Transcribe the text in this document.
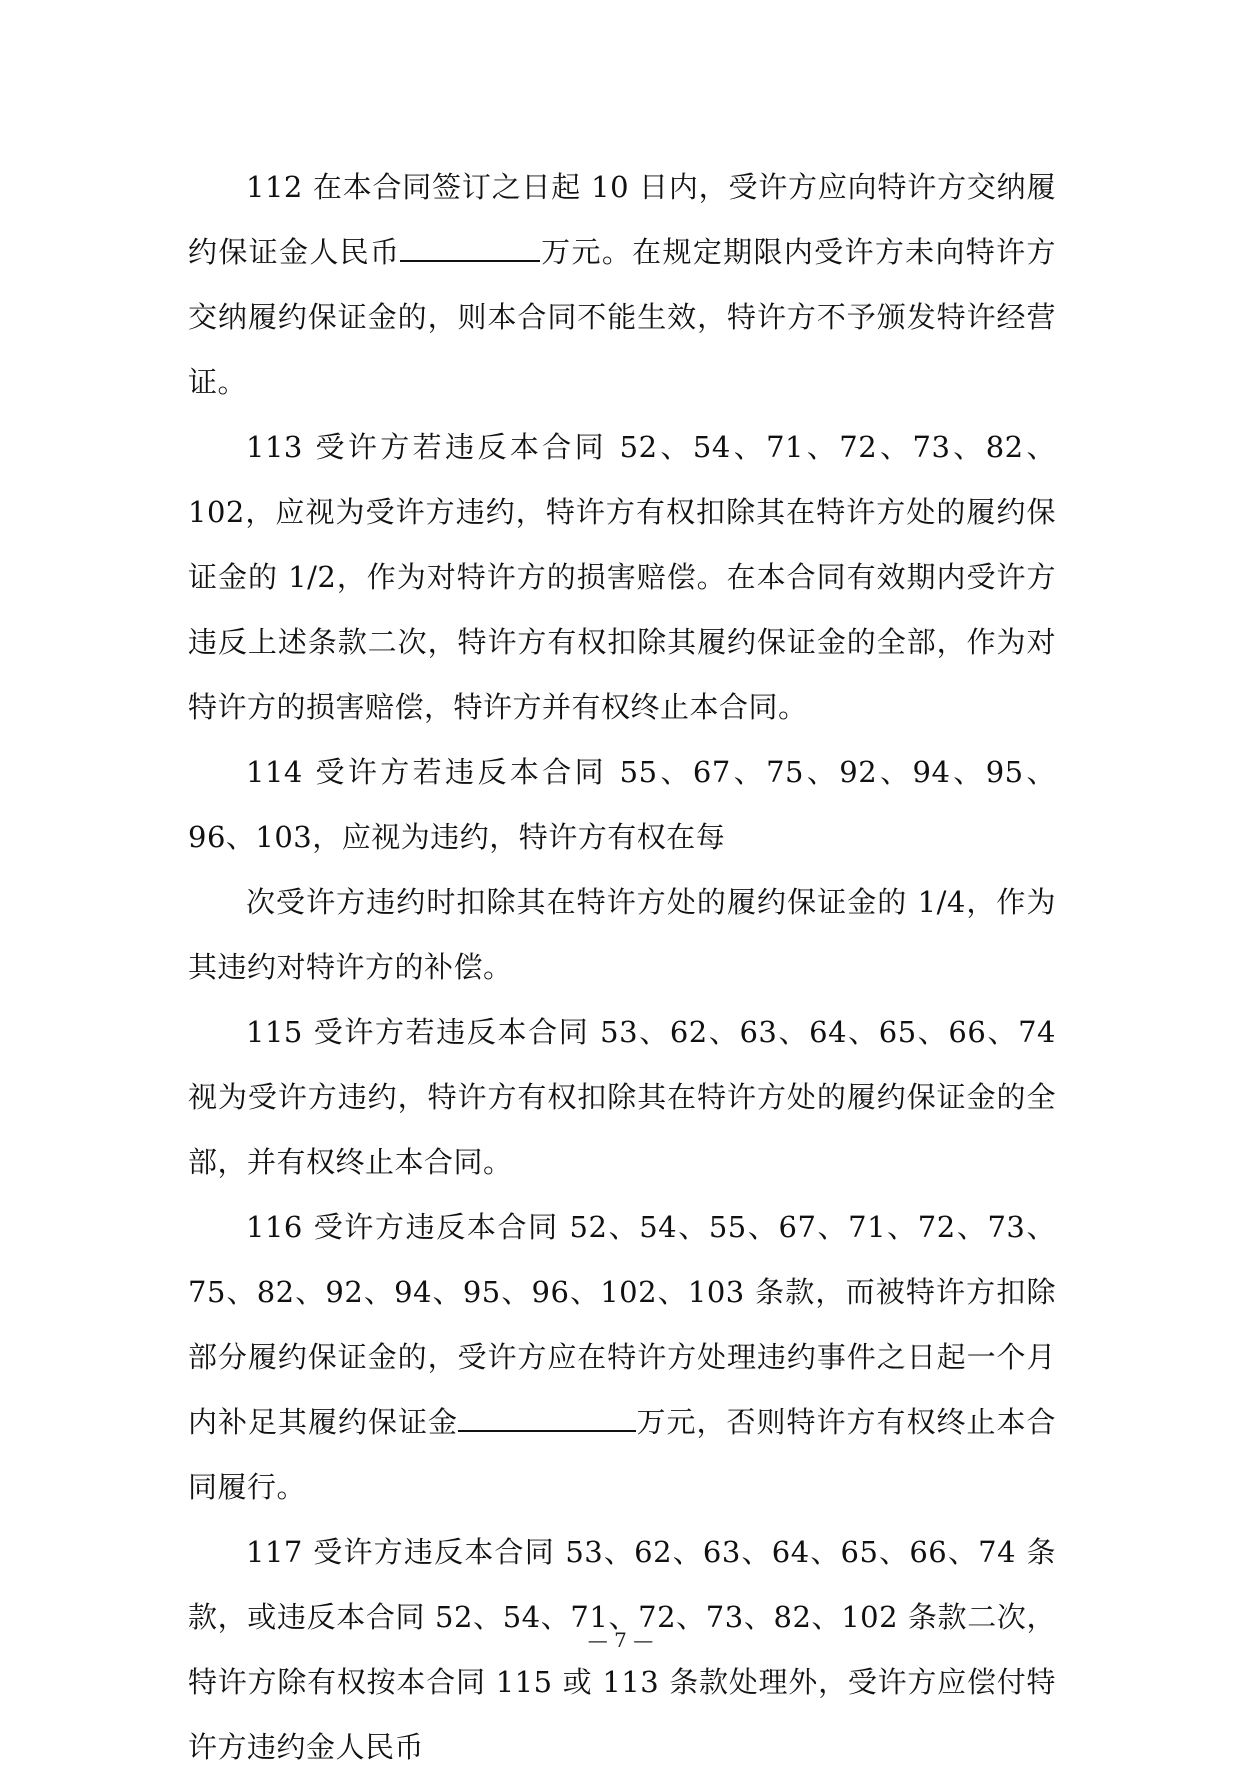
112 在本合同签订之日起 10 日内，受许方应向特许方交纳履约保证金人民币	万元。在规定期限内受许方未向特许方交纳履约保证金的，则本合同不能生效，特许方不予颁发特许经营证。

113 受许方若违反本合同 52、54、71、72、73、82、102，应视为受许方违约，特许方有权扣除其在特许方处的履约保证金的 1/2，作为对特许方的损害赔偿。在本合同有效期内受许方违反上述条款二次，特许方有权扣除其履约保证金的全部，作为对特许方的损害赔偿，特许方并有权终止本合同。

114 受许方若违反本合同 55、67、75、92、94、95、96、103，应视为违约，特许方有权在每

次受许方违约时扣除其在特许方处的履约保证金的 1/4，作为其违约对特许方的补偿。

115 受许方若违反本合同 53、62、63、64、65、66、74 视为受许方违约，特许方有权扣除其在特许方处的履约保证金的全部，并有权终止本合同。

116 受许方违反本合同 52、54、55、67、71、72、73、75、82、92、94、95、96、102、103 条款，而被特许方扣除部分履约保证金的，受许方应在特许方处理违约事件之日起一个月内补足其履约保证金	万元，否则特许方有权终止本合同履行。

117 受许方违反本合同 53、62、63、64、65、66、74 条款，或违反本合同 52、54、71、72、73、82、102 条款二次，特许方除有权按本合同 115 或 113 条款处理外，受许方应偿付特许方违约金人民币

— 7 —
